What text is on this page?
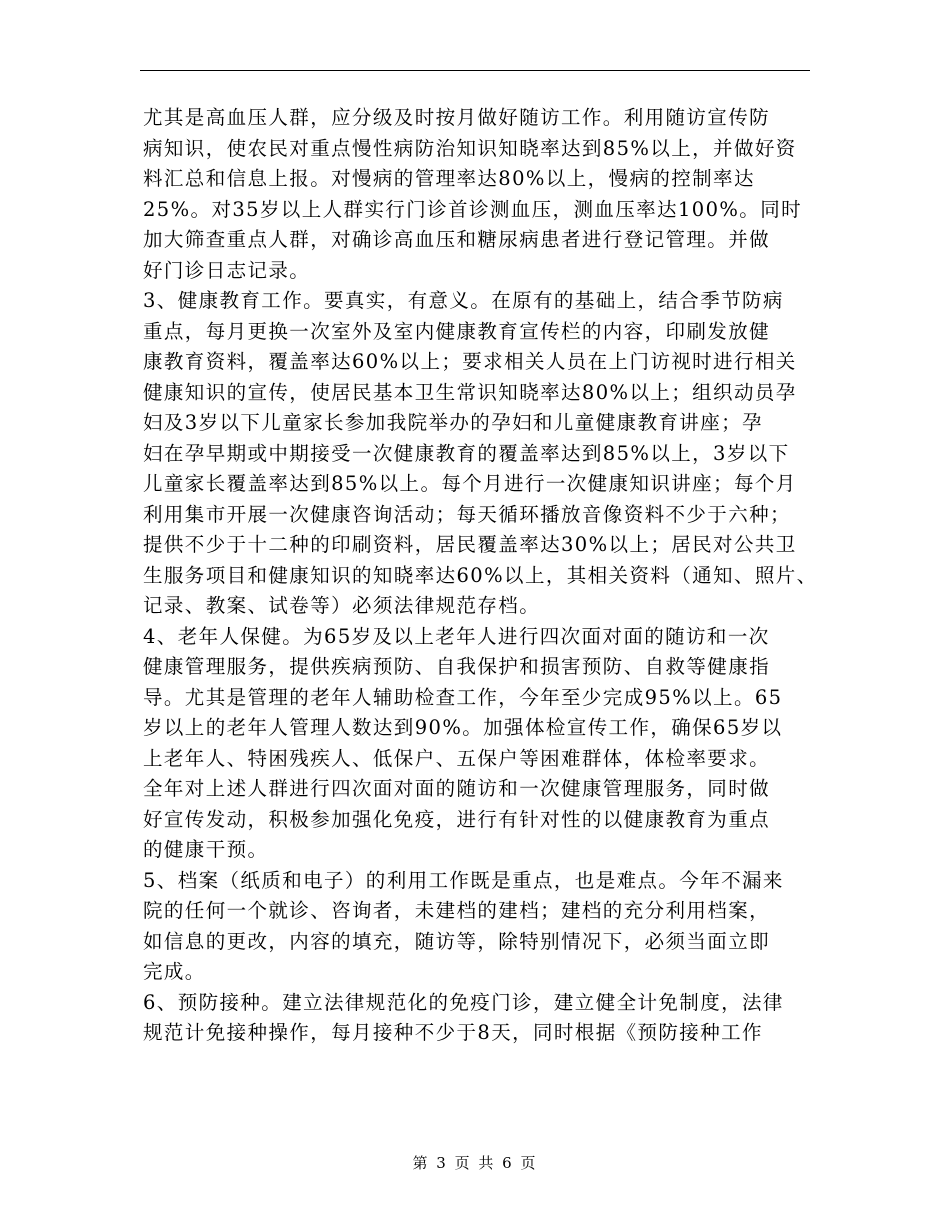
尤其是高血压人群，应分级及时按月做好随访工作。利用随访宣传防
病知识，使农民对重点慢性病防治知识知晓率达到85%以上，并做好资
料汇总和信息上报。对慢病的管理率达80%以上，慢病的控制率达
25%。对35岁以上人群实行门诊首诊测血压，测血压率达100%。同时
加大筛查重点人群，对确诊高血压和糖尿病患者进行登记管理。并做
好门诊日志记录。
3、健康教育工作。要真实，有意义。在原有的基础上，结合季节防病
重点，每月更换一次室外及室内健康教育宣传栏的内容，印刷发放健
康教育资料，覆盖率达60%以上；要求相关人员在上门访视时进行相关
健康知识的宣传，使居民基本卫生常识知晓率达80%以上；组织动员孕
妇及3岁以下儿童家长参加我院举办的孕妇和儿童健康教育讲座；孕
妇在孕早期或中期接受一次健康教育的覆盖率达到85%以上，3岁以下
儿童家长覆盖率达到85%以上。每个月进行一次健康知识讲座；每个月
利用集市开展一次健康咨询活动；每天循环播放音像资料不少于六种；
提供不少于十二种的印刷资料，居民覆盖率达30%以上；居民对公共卫
生服务项目和健康知识的知晓率达60%以上，其相关资料（通知、照片、
记录、教案、试卷等）必须法律规范存档。
4、老年人保健。为65岁及以上老年人进行四次面对面的随访和一次
健康管理服务，提供疾病预防、自我保护和损害预防、自救等健康指
导。尤其是管理的老年人辅助检查工作，今年至少完成95%以上。65
岁以上的老年人管理人数达到90%。加强体检宣传工作，确保65岁以
上老年人、特困残疾人、低保户、五保户等困难群体，体检率要求。
全年对上述人群进行四次面对面的随访和一次健康管理服务，同时做
好宣传发动，积极参加强化免疫，进行有针对性的以健康教育为重点
的健康干预。
5、档案（纸质和电子）的利用工作既是重点，也是难点。今年不漏来
院的任何一个就诊、咨询者，未建档的建档；建档的充分利用档案，
如信息的更改，内容的填充，随访等，除特别情况下，必须当面立即
完成。
6、预防接种。建立法律规范化的免疫门诊，建立健全计免制度，法律
规范计免接种操作，每月接种不少于8天，同时根据《预防接种工作
第 3 页 共 6 页
